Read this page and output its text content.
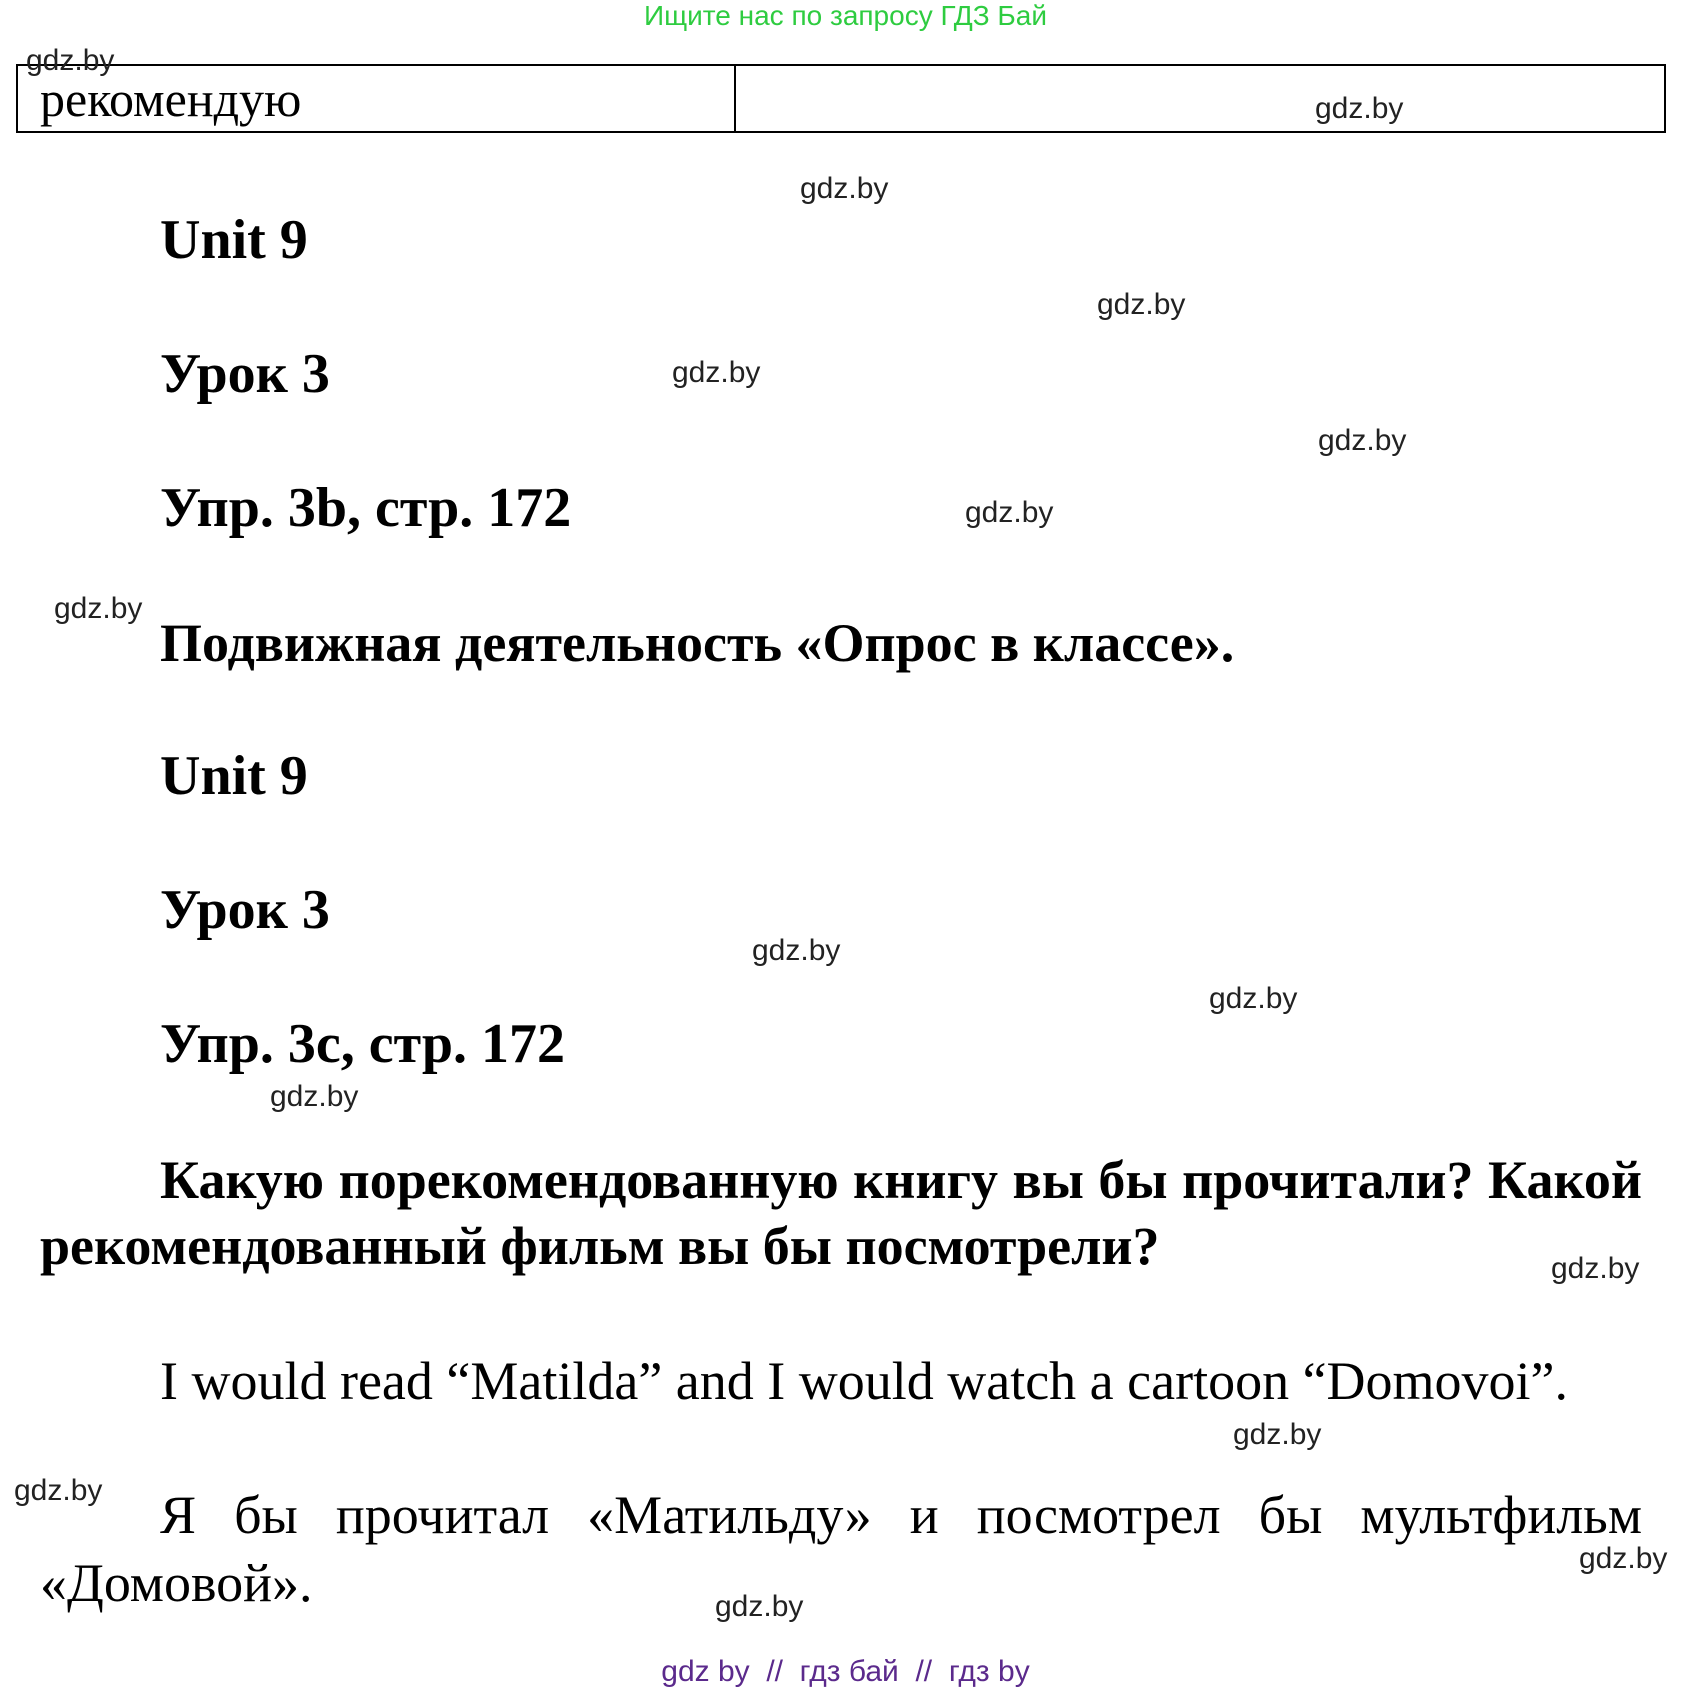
Ищите нас по запросу ГДЗ Бай
рекомендую
Unit 9
Урок 3
Упр. 3b, стр. 172
Подвижная деятельность «Опрос в классе».
Unit 9
Урок 3
Упр. 3c, стр. 172
Какую порекомендованную книгу вы бы прочитали? Какой рекомендованный фильм вы бы посмотрели?
I would read “Matilda” and I would watch a cartoon “Domovoi”.
Я бы прочитал «Матильду» и посмотрел бы мультфильм «Домовой».
gdz.by
gdz.by
gdz.by
gdz.by
gdz.by
gdz.by
gdz.by
gdz.by
gdz.by
gdz.by
gdz.by
gdz.by
gdz.by
gdz.by
gdz.by
gdz.by
gdz by  //  гдз бай  //  гдз by
